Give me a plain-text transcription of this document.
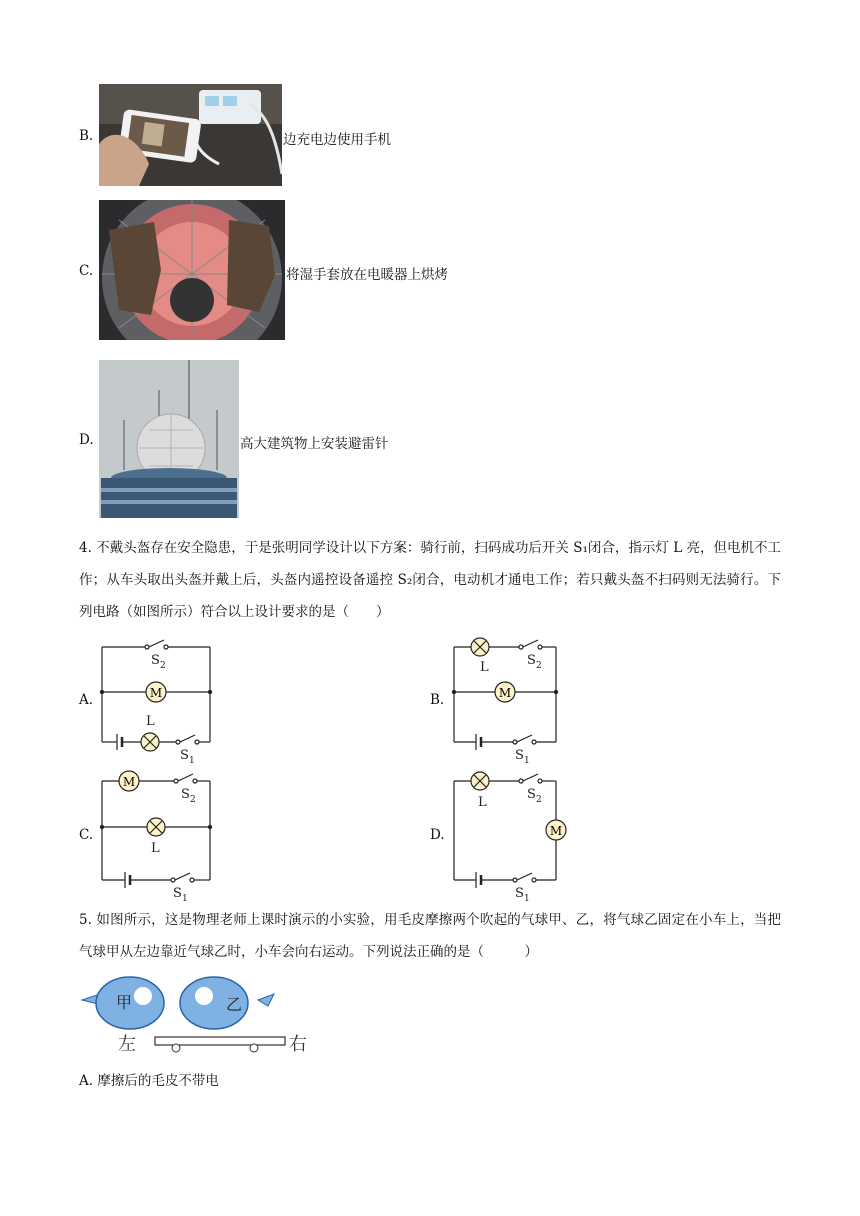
B.	边充电边使用手机
C.	将湿手套放在电暖器上烘烤
D.	高大建筑物上安装避雷针
4. 不戴头盔存在安全隐患，于是张明同学设计以下方案：骑行前，扫码成功后开关 S₁闭合，指示灯 L 亮，但电机不工作；从车头取出头盔并戴上后，头盔内遥控设备遥控 S₂闭合，电动机才通电工作；若只戴头盔不扫码则无法骑行。下列电路（如图所示）符合以上设计要求的是（　　）
A.	B.
C.	D.
M	M
M
M
S 2
L
S 1
L	S 2
S 1
S 2
L
S 1
L
S 2
S 1
5. 如图所示，这是物理老师上课时演示的小实验，用毛皮摩擦两个吹起的气球甲、乙，将气球乙固定在小车上，当把气球甲从左边靠近气球乙时，小车会向右运动。下列说法正确的是（　　　）
甲	乙
左	右
A. 摩擦后的毛皮不带电
